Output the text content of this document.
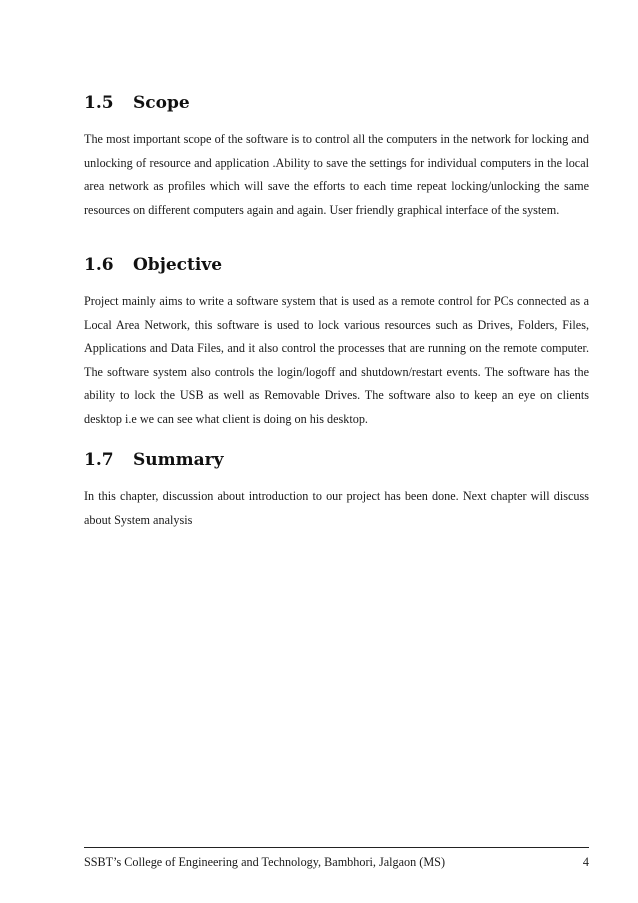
1.5	Scope

The most important scope of the software is to control all the computers in the network for locking and unlocking of resource and application .Ability to save the settings for individual computers in the local area network as profiles which will save the efforts to each time repeat locking/unlocking the same resources on different computers again and again. User friendly graphical interface of the system.

1.6	Objective

Project mainly aims to write a software system that is used as a remote control for PCs connected as a Local Area Network, this software is used to lock various resources such as Drives, Folders, Files, Applications and Data Files, and it also control the processes that are running on the remote computer. The software system also controls the login/logoff and shutdown/restart events. The software has the ability to lock the USB as well as Removable Drives. The software also to keep an eye on clients desktop i.e we can see what client is doing on his desktop.

1.7	Summary

In this chapter, discussion about introduction to our project has been done. Next chapter will discuss about System analysis

SSBT’s College of Engineering and Technology, Bambhori, Jalgaon (MS)	4
